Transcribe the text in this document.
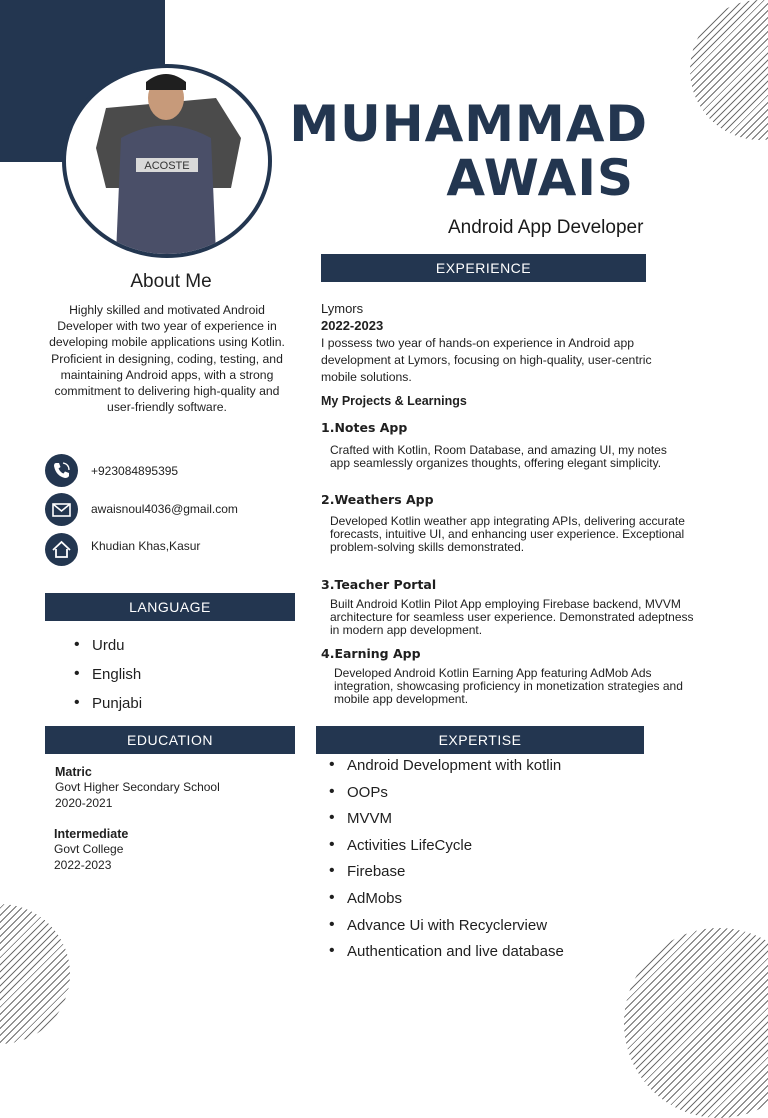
ACOSTE
MUHAMMAD
AWAIS
Android App Developer
About Me
Highly skilled and motivated Android Developer with two year of experience in developing mobile applications using Kotlin. Proficient in designing, coding, testing, and maintaining Android apps, with a strong commitment to delivering high-quality and user-friendly software.
+923084895395
awaisnoul4036@gmail.com
Khudian Khas,Kasur
LANGUAGE
• Urdu
• English
• Punjabi
EDUCATION
Matric
Govt Higher Secondary School
2020-2021
Intermediate
Govt College
2022-2023
EXPERIENCE
Lymors
2022-2023
I possess two year of hands-on experience in Android app development at Lymors, focusing on high-quality, user-centric mobile solutions.
My Projects & Learnings
1.Notes App
Crafted with Kotlin, Room Database, and amazing UI, my notes app seamlessly organizes thoughts, offering elegant simplicity.
2.Weathers App
Developed Kotlin weather app integrating APIs, delivering accurate forecasts, intuitive UI, and enhancing user experience. Exceptional problem-solving skills demonstrated.
3.Teacher Portal
Built Android Kotlin Pilot App employing Firebase backend, MVVM architecture for seamless user experience. Demonstrated adeptness in modern app development.
4.Earning App
Developed Android Kotlin Earning App featuring AdMob Ads integration, showcasing proficiency in monetization strategies and mobile app development.
EXPERTISE
• Android Development with kotlin
• OOPs
• MVVM
• Activities LifeCycle
• Firebase
• AdMobs
• Advance Ui with Recyclerview
• Authentication and live database
